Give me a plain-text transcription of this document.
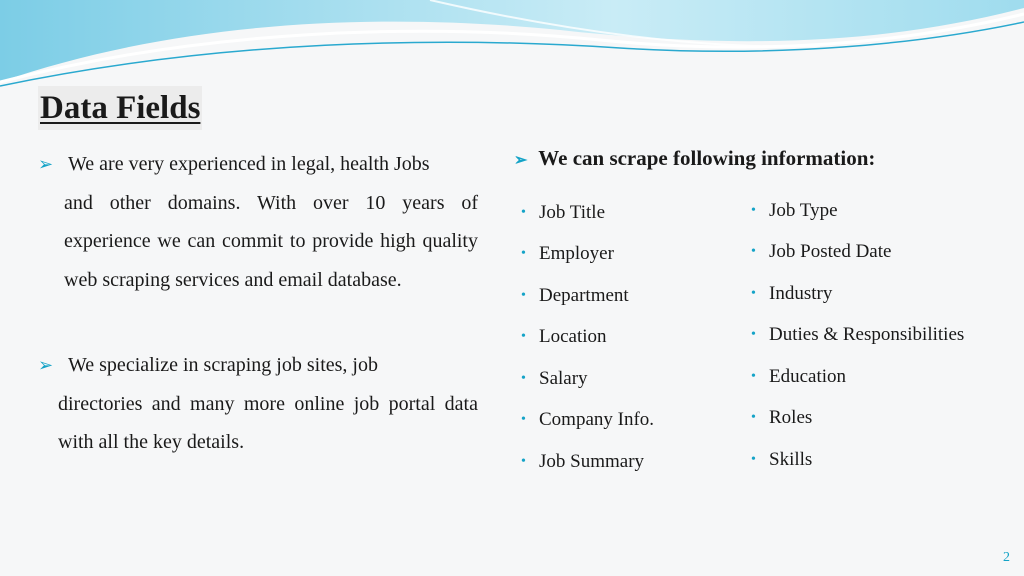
Data Fields
➢ We are very experienced in legal, health Jobs
and other domains. With over 10 years of experience we can commit to provide high quality web scraping services and email database.
➢ We specialize in scraping job sites, job
directories and many more online job portal data with all the key details.
➢ We can scrape following information:
• Job Title
• Employer
• Department
• Location
• Salary
• Company Info.
• Job Summary
• Job Type
• Job Posted Date
• Industry
• Duties & Responsibilities
• Education
• Roles
• Skills
2
